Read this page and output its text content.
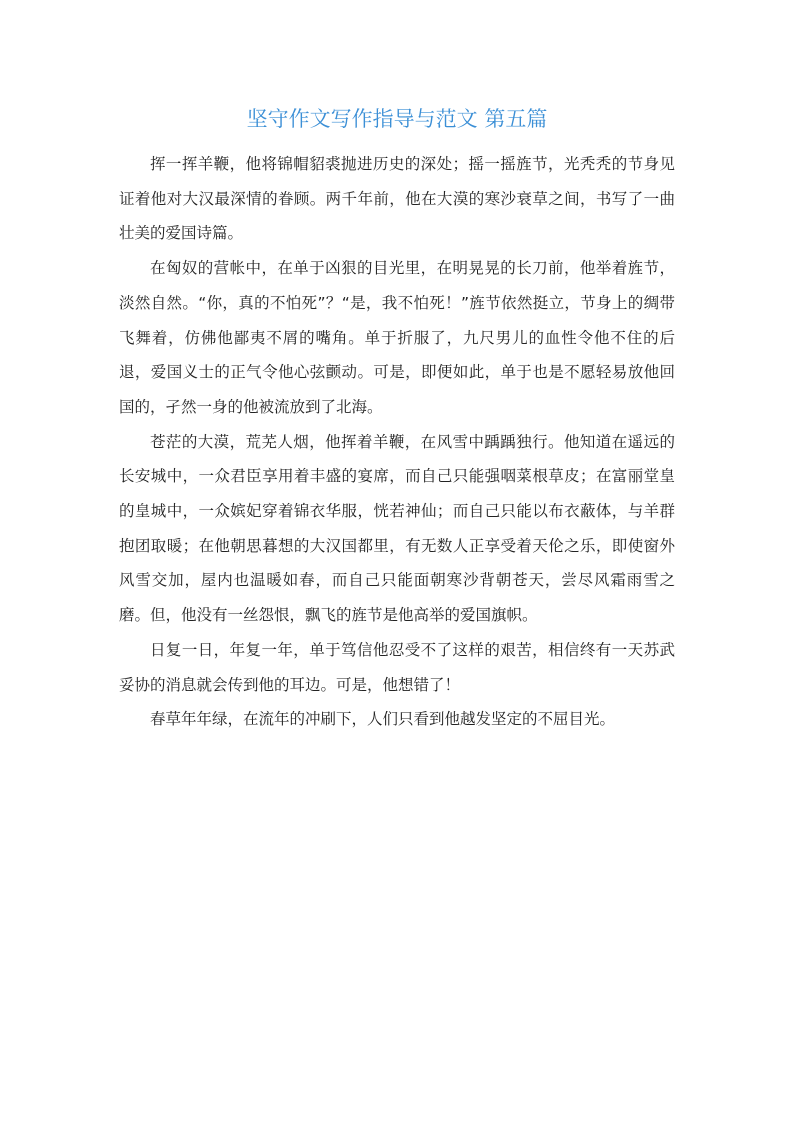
坚守作文写作指导与范文 第五篇

挥一挥羊鞭，他将锦帽貂裘抛进历史的深处；摇一摇旌节，光秃秃的节身见证着他对大汉最深情的眷顾。两千年前，他在大漠的寒沙衰草之间，书写了一曲壮美的爱国诗篇。

在匈奴的营帐中，在单于凶狠的目光里，在明晃晃的长刀前，他举着旌节，淡然自然。“你，真的不怕死”？“是，我不怕死！”旌节依然挺立，节身上的绸带飞舞着，仿佛他鄙夷不屑的嘴角。单于折服了，九尺男儿的血性令他不住的后退，爱国义士的正气令他心弦颤动。可是，即便如此，单于也是不愿轻易放他回国的，孑然一身的他被流放到了北海。

苍茫的大漠，荒芜人烟，他挥着羊鞭，在风雪中踽踽独行。他知道在遥远的长安城中，一众君臣享用着丰盛的宴席，而自己只能强咽菜根草皮；在富丽堂皇的皇城中，一众嫔妃穿着锦衣华服，恍若神仙；而自己只能以布衣蔽体，与羊群抱团取暖；在他朝思暮想的大汉国都里，有无数人正享受着天伦之乐，即使窗外风雪交加，屋内也温暖如春，而自己只能面朝寒沙背朝苍天，尝尽风霜雨雪之磨。但，他没有一丝怨恨，飘飞的旌节是他高举的爱国旗帜。

日复一日，年复一年，单于笃信他忍受不了这样的艰苦，相信终有一天苏武妥协的消息就会传到他的耳边。可是，他想错了！

春草年年绿，在流年的冲刷下，人们只看到他越发坚定的不屈目光。
